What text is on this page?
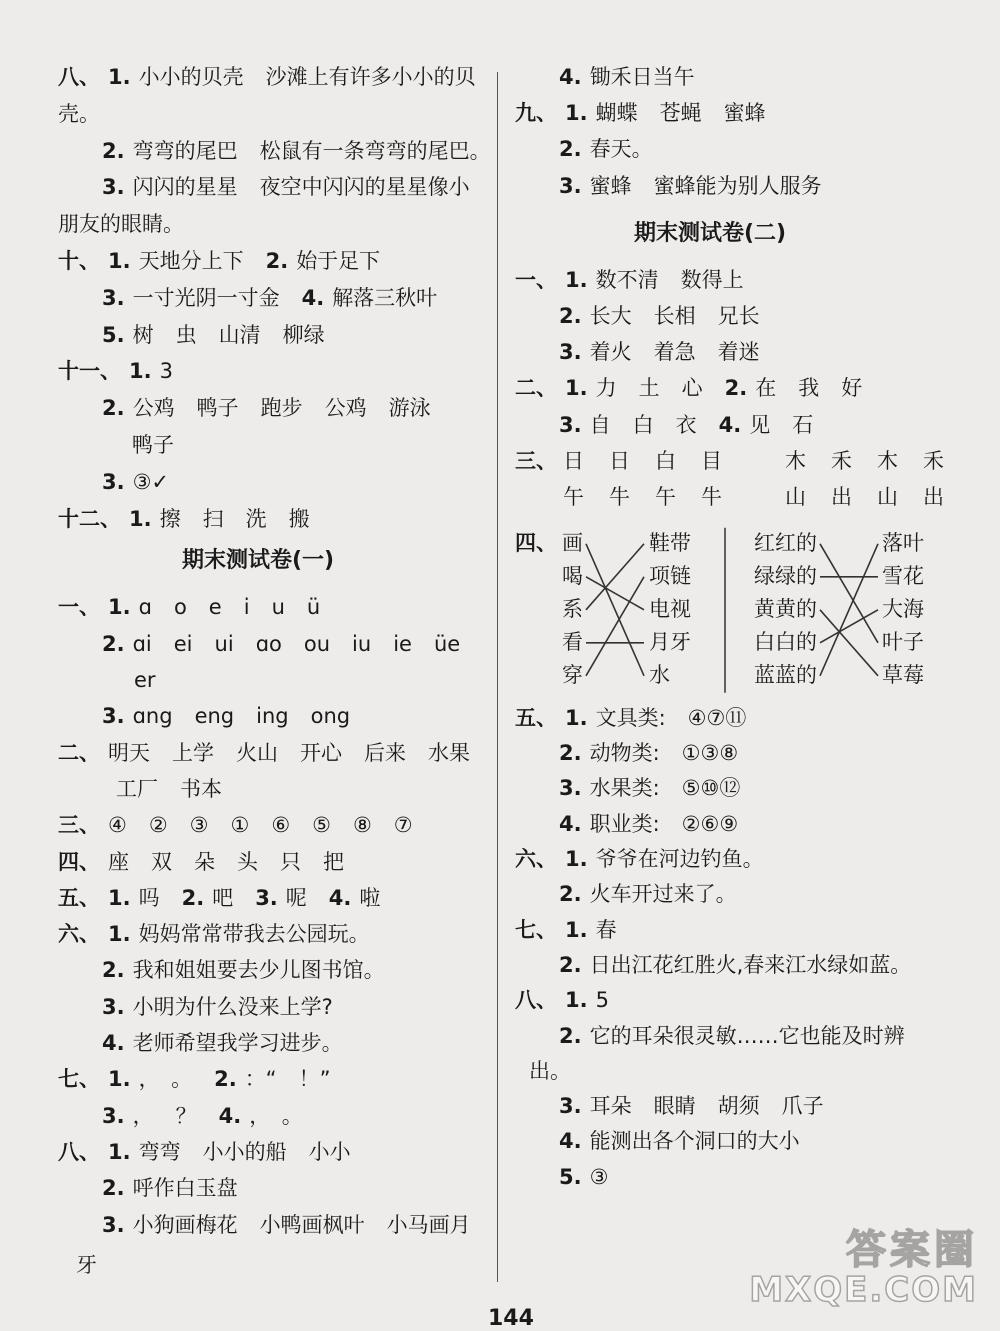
八、 1. 小小的贝壳 沙滩上有许多小小的贝
壳。
2. 弯弯的尾巴 松鼠有一条弯弯的尾巴。
3. 闪闪的星星 夜空中闪闪的星星像小
朋友的眼睛。
十、 1. 天地分上下 2. 始于足下
3. 一寸光阴一寸金 4. 解落三秋叶
5. 树 虫 山清 柳绿
十一、 1. 3
2. 公鸡 鸭子 跑步 公鸡 游泳
鸭子
3. ③✓
十二、 1. 擦 扫 洗 搬
期末测试卷(一)
一、 1. ɑ o e i u ü
2. ɑi ei ui ɑo ou iu ie üe
er
3. ɑng eng ing ong
二、 明天 上学 火山 开心 后来 水果
工厂 书本
三、 ④ ② ③ ① ⑥ ⑤ ⑧ ⑦
四、 座 双 朵 头 只 把
五、 1. 吗 2. 吧 3. 呢 4. 啦
六、 1. 妈妈常常带我去公园玩。
2. 我和姐姐要去少儿图书馆。
3. 小明为什么没来上学?
4. 老师希望我学习进步。
七、 1. ， 。 2. ：“ ！”
3. ， ？ 4. ， 。
八、 1. 弯弯 小小的船 小小
2. 呼作白玉盘
3. 小狗画梅花 小鸭画枫叶 小马画月
牙
4. 锄禾日当午
九、 1. 蝴蝶 苍蝇 蜜蜂
2. 春天。
3. 蜜蜂 蜜蜂能为别人服务
期末测试卷(二)
一、 1. 数不清 数得上
2. 长大 长相 兄长
3. 着火 着急 着迷
二、 1. 力 土 心 2. 在 我 好
3. 自 白 衣 4. 见 石
三、 日 日 白 目	木 禾 木 禾
午 牛 午 牛	山 出 山 出
四、 画
喝
系
看
穿
鞋带
项链
电视
月牙
水
红红的
绿绿的
黄黄的
白白的
蓝蓝的
落叶
雪花
大海
叶子
草莓
五、 1. 文具类: ④⑦⑪
2. 动物类: ①③⑧
3. 水果类: ⑤⑩⑫
4. 职业类: ②⑥⑨
六、 1. 爷爷在河边钓鱼。
2. 火车开过来了。
七、 1. 春
2. 日出江花红胜火,春来江水绿如蓝。
八、 1. 5
2. 它的耳朵很灵敏……它也能及时辨
出。
3. 耳朵 眼睛 胡须 爪子
4. 能测出各个洞口的大小
5. ③
144
答案圈
MXQE.COM
